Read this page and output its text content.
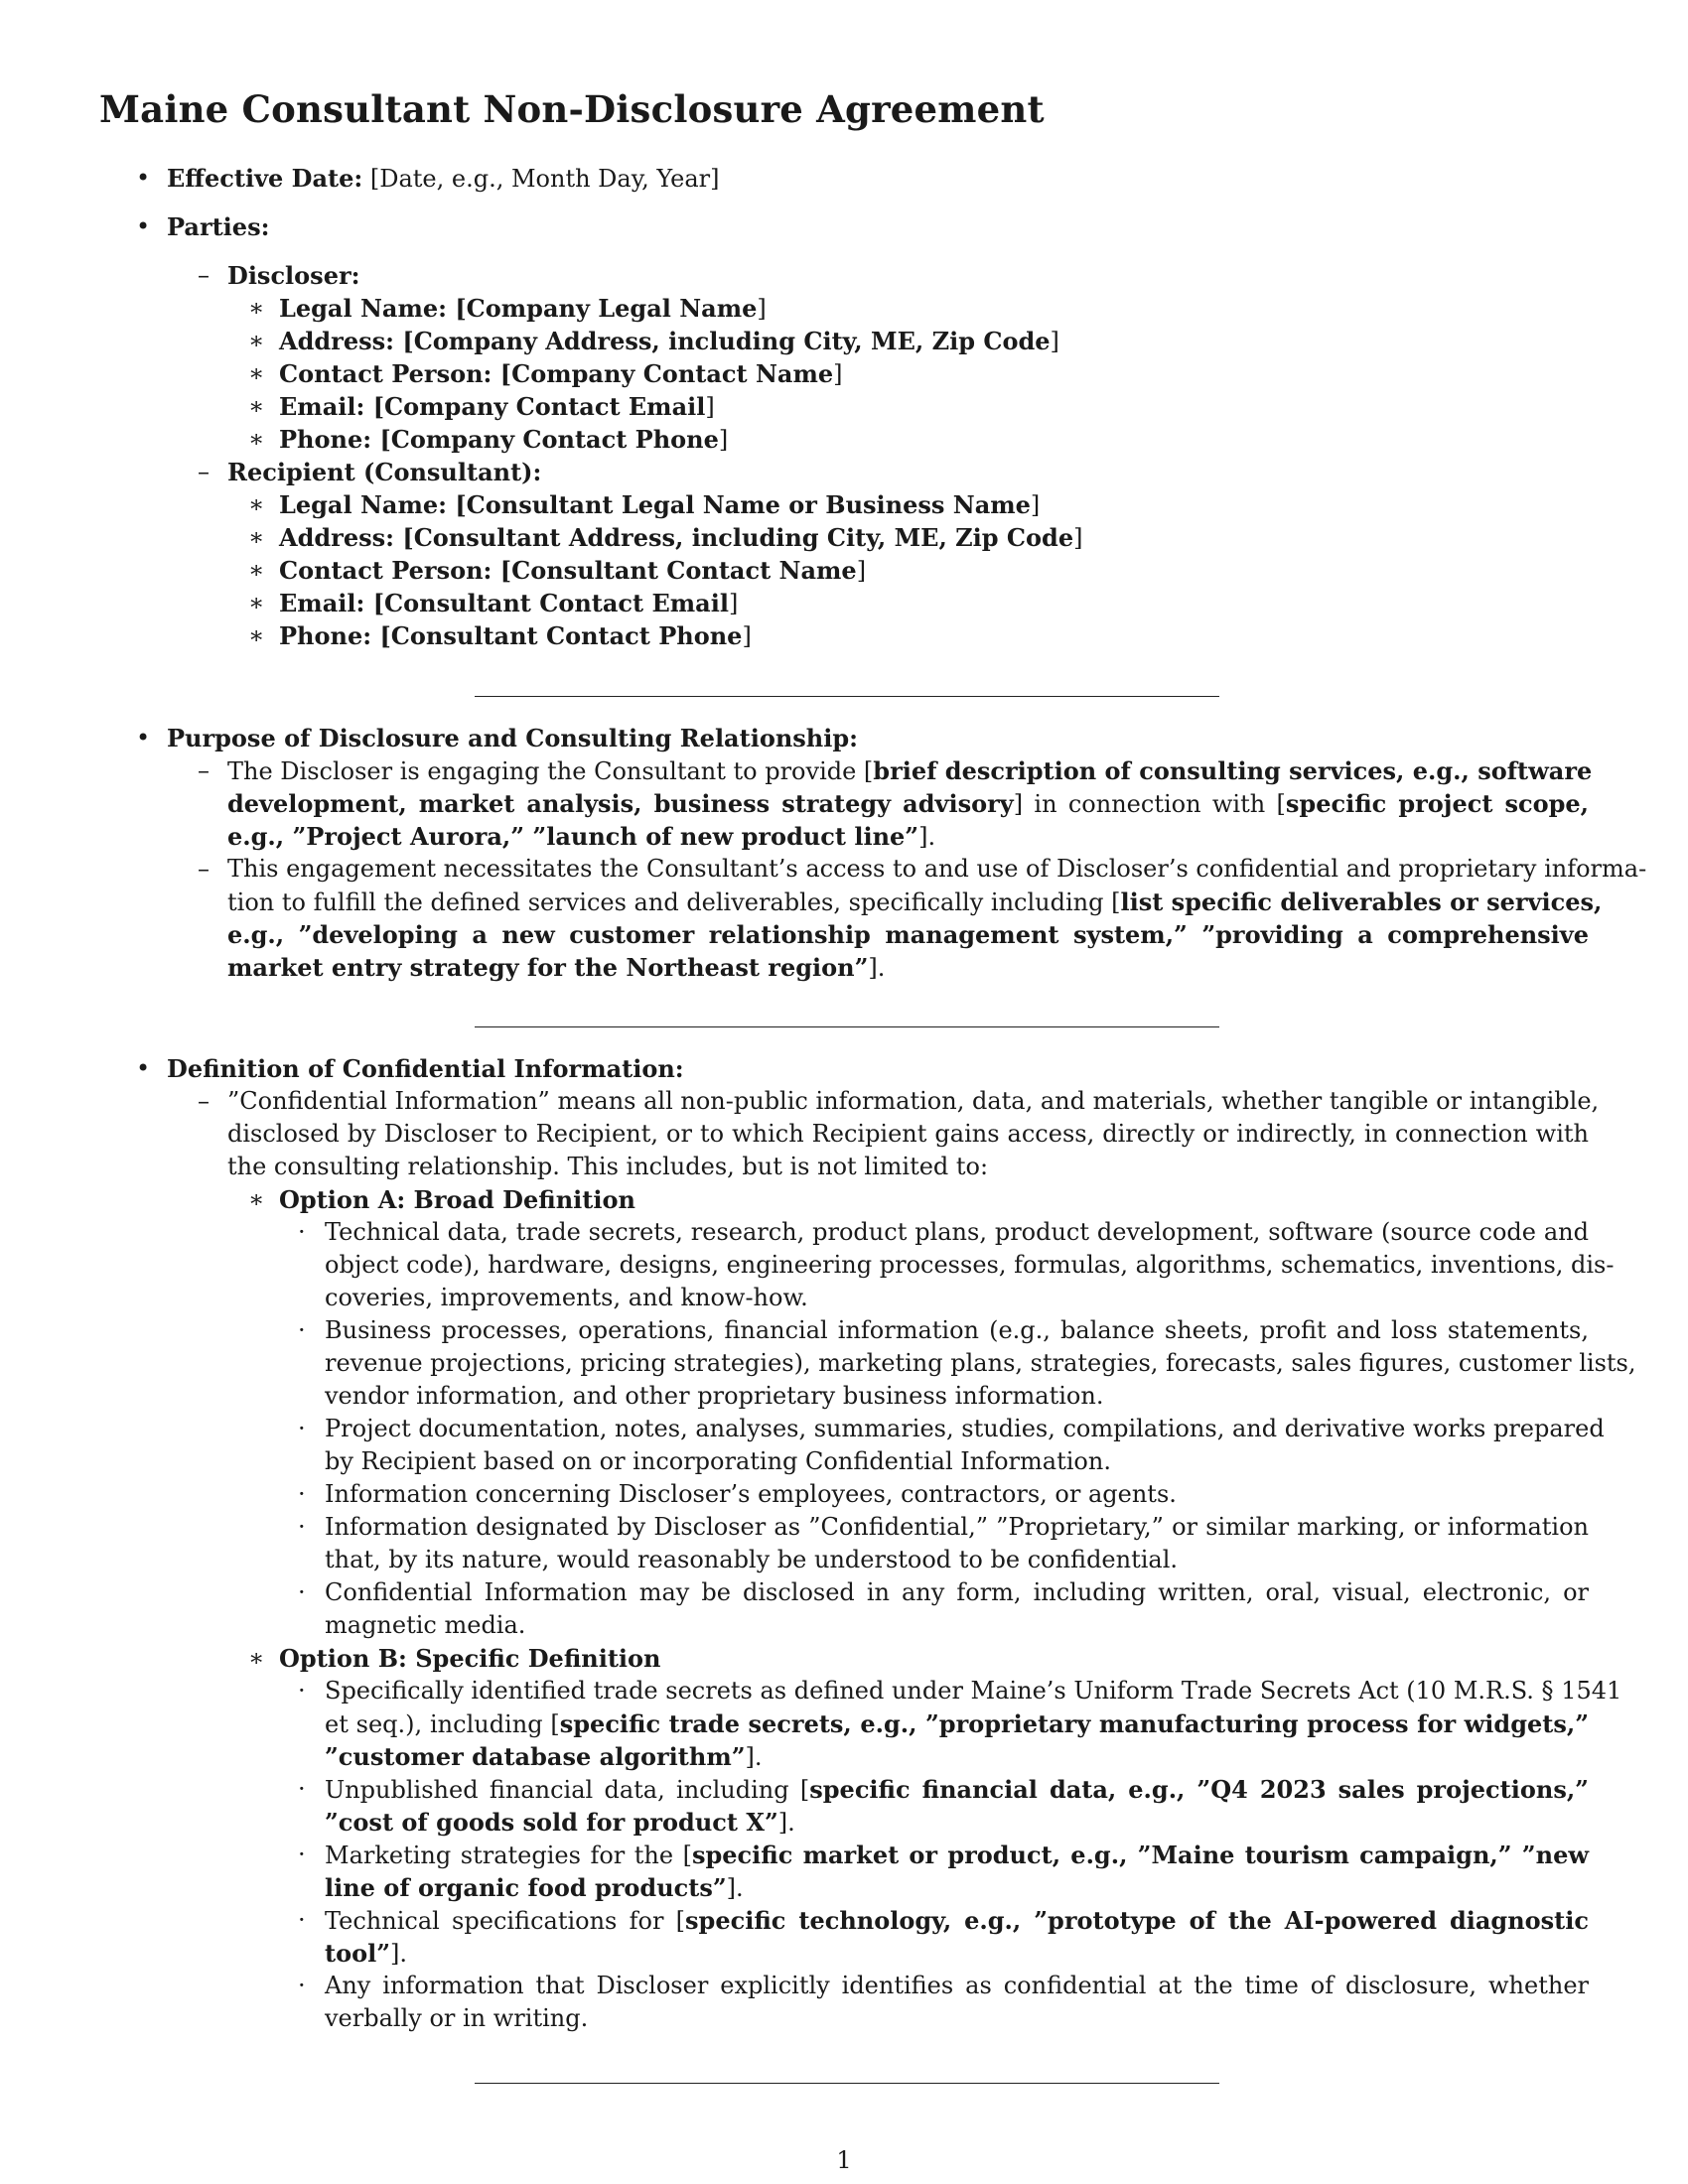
Maine Consultant Non-Disclosure Agreement
• Effective Date: [Date, e.g., Month Day, Year]

• Parties:

– Discloser:

∗ Legal Name: [Company Legal Name]

∗ Address: [Company Address, including City, ME, Zip Code]

∗ Contact Person: [Company Contact Name]

∗ Email: [Company Contact Email]

∗ Phone: [Company Contact Phone]

– Recipient (Consultant):

∗ Legal Name: [Consultant Legal Name or Business Name]

∗ Address: [Consultant Address, including City, ME, Zip Code]

∗ Contact Person: [Consultant Contact Name]

∗ Email: [Consultant Contact Email]

∗ Phone: [Consultant Contact Phone]

• Purpose of Disclosure and Consulting Relationship:

– The Discloser is engaging the Consultant to provide [brief description of consulting services, e.g., software

development, market analysis, business strategy advisory] in connection with [specific project scope,

e.g., ”Project Aurora,” ”launch of new product line”].

– This engagement necessitates the Consultant’s access to and use of Discloser’s confidential and proprietary informa-

tion to fulfill the defined services and deliverables, specifically including [list specific deliverables or services,

e.g., ”developing a new customer relationship management system,” ”providing a comprehensive

market entry strategy for the Northeast region”].

• Definition of Confidential Information:

– ”Confidential Information” means all non-public information, data, and materials, whether tangible or intangible,

disclosed by Discloser to Recipient, or to which Recipient gains access, directly or indirectly, in connection with

the consulting relationship. This includes, but is not limited to:

∗ Option A: Broad Definition

· Technical data, trade secrets, research, product plans, product development, software (source code and

object code), hardware, designs, engineering processes, formulas, algorithms, schematics, inventions, dis-

coveries, improvements, and know-how.

· Business processes, operations, financial information (e.g., balance sheets, profit and loss statements,

revenue projections, pricing strategies), marketing plans, strategies, forecasts, sales figures, customer lists,

vendor information, and other proprietary business information.

· Project documentation, notes, analyses, summaries, studies, compilations, and derivative works prepared

by Recipient based on or incorporating Confidential Information.

· Information concerning Discloser’s employees, contractors, or agents.

· Information designated by Discloser as ”Confidential,” ”Proprietary,” or similar marking, or information

that, by its nature, would reasonably be understood to be confidential.

· Confidential Information may be disclosed in any form, including written, oral, visual, electronic, or

magnetic media.

∗ Option B: Specific Definition

· Specifically identified trade secrets as defined under Maine’s Uniform Trade Secrets Act (10 M.R.S. § 1541

et seq.), including [specific trade secrets, e.g., ”proprietary manufacturing process for widgets,”

”customer database algorithm”].

· Unpublished financial data, including [specific financial data, e.g., ”Q4 2023 sales projections,”

”cost of goods sold for product X”].

· Marketing strategies for the [specific market or product, e.g., ”Maine tourism campaign,” ”new

line of organic food products”].

· Technical specifications for [specific technology, e.g., ”prototype of the AI-powered diagnostic

tool”].

· Any information that Discloser explicitly identifies as confidential at the time of disclosure, whether

verbally or in writing.

1
